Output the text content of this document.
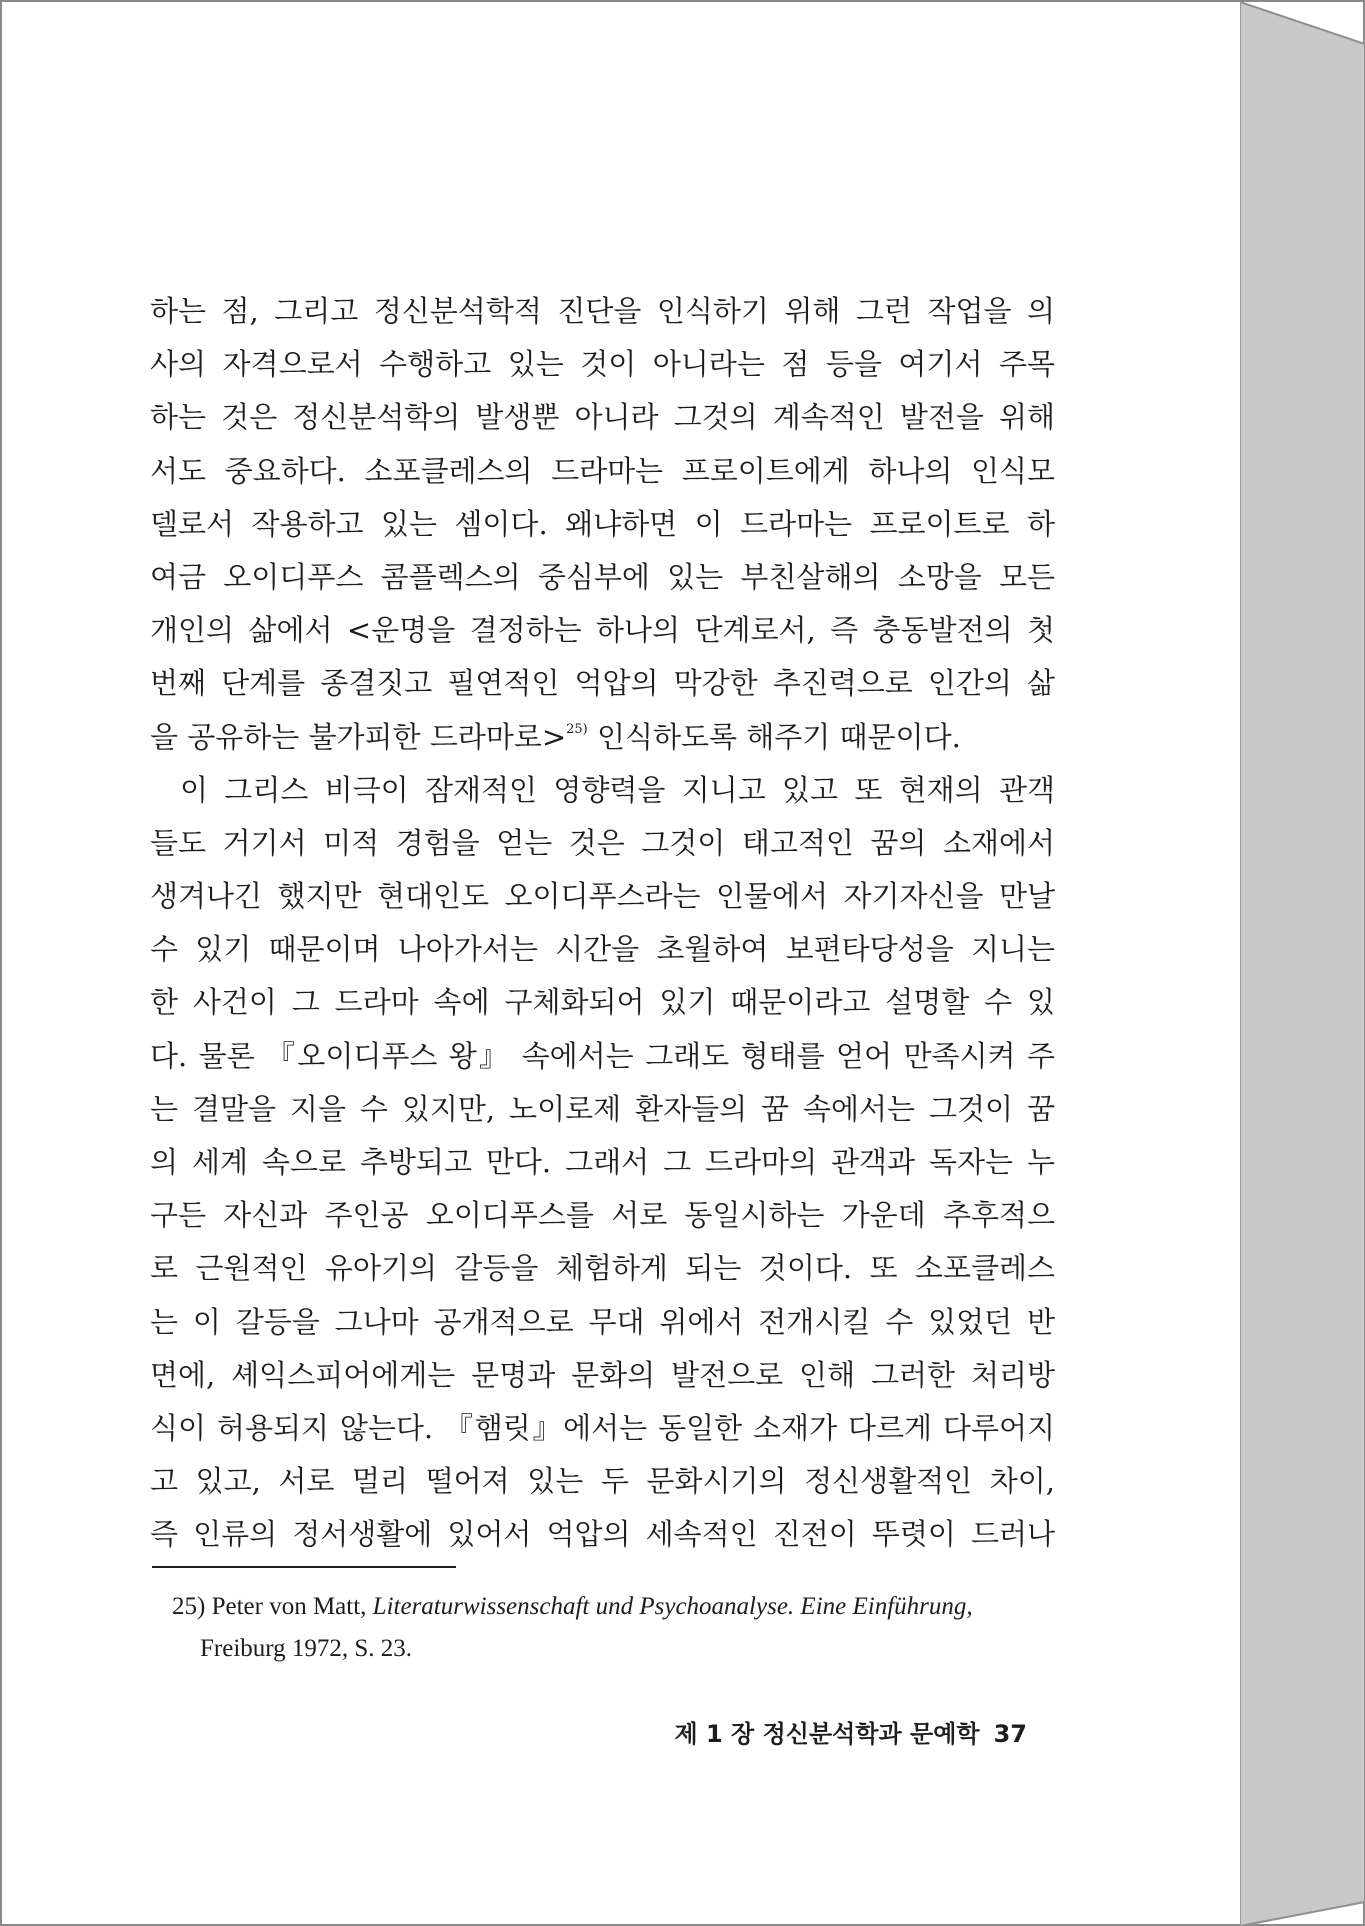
하는 점, 그리고 정신분석학적 진단을 인식하기 위해 그런 작업을 의
사의 자격으로서 수행하고 있는 것이 아니라는 점 등을 여기서 주목
하는 것은 정신분석학의 발생뿐 아니라 그것의 계속적인 발전을 위해
서도 중요하다. 소포클레스의 드라마는 프로이트에게 하나의 인식모
델로서 작용하고 있는 셈이다. 왜냐하면 이 드라마는 프로이트로 하
여금 오이디푸스 콤플렉스의 중심부에 있는 부친살해의 소망을 모든
개인의 삶에서 <운명을 결정하는 하나의 단계로서, 즉 충동발전의 첫
번째 단계를 종결짓고 필연적인 억압의 막강한 추진력으로 인간의 삶
을 공유하는 불가피한 드라마로>$^{25)}$ 인식하도록 해주기 때문이다.
이 그리스 비극이 잠재적인 영향력을 지니고 있고 또 현재의 관객
들도 거기서 미적 경험을 얻는 것은 그것이 태고적인 꿈의 소재에서
생겨나긴 했지만 현대인도 오이디푸스라는 인물에서 자기자신을 만날
수 있기 때문이며 나아가서는 시간을 초월하여 보편타당성을 지니는
한 사건이 그 드라마 속에 구체화되어 있기 때문이라고 설명할 수 있
다. 물론 『오이디푸스 왕』 속에서는 그래도 형태를 얻어 만족시켜 주
는 결말을 지을 수 있지만, 노이로제 환자들의 꿈 속에서는 그것이 꿈
의 세계 속으로 추방되고 만다. 그래서 그 드라마의 관객과 독자는 누
구든 자신과 주인공 오이디푸스를 서로 동일시하는 가운데 추후적으
로 근원적인 유아기의 갈등을 체험하게 되는 것이다. 또 소포클레스
는 이 갈등을 그나마 공개적으로 무대 위에서 전개시킬 수 있었던 반
면에, 셰익스피어에게는 문명과 문화의 발전으로 인해 그러한 처리방
식이 허용되지 않는다. 『햄릿』에서는 동일한 소재가 다르게 다루어지
고 있고, 서로 멀리 떨어져 있는 두 문화시기의 정신생활적인 차이,
즉 인류의 정서생활에 있어서 억압의 세속적인 진전이 뚜렷이 드러나
25) Peter von Matt, Literaturwissenschaft und Psychoanalyse. Eine Einführung,
Freiburg 1972, S. 23.
제 1 장 정신분석학과 문예학 37
